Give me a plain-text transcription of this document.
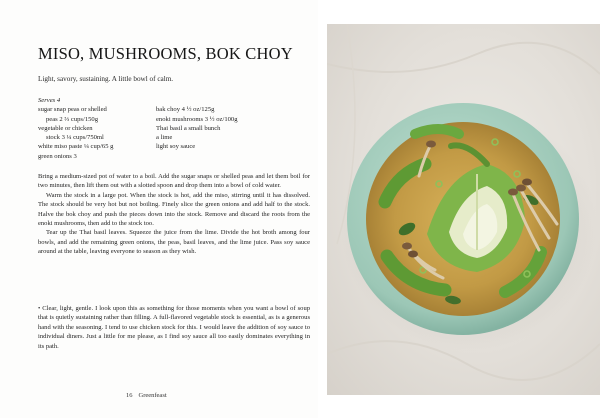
MISO, MUSHROOMS, BOK CHOY
Light, savory, sustaining. A little bowl of calm.
Serves 4
sugar snap peas or shelled
peas 2 ⅔ cups/150g
vegetable or chicken
stock 3 ¼ cups/750ml
white miso paste ¼ cup/65 g
green onions 3
bak choy 4 ½ oz/125g
enoki mushrooms 3 ½ oz/100g
Thai basil a small bunch
a lime
light soy sauce

Bring a medium-sized pot of water to a boil. Add the sugar snaps or shelled peas and let them boil for two minutes, then lift them out with a slotted spoon and drop them into a bowl of cold water.

Warm the stock in a large pot. When the stock is hot, add the miso, stirring until it has dissolved. The stock should be very hot but not boiling. Finely slice the green onions and add half to the stock. Halve the bok choy and push the pieces down into the stock. Remove and discard the roots from the enoki mushrooms, then add to the stock too.

Tear up the Thai basil leaves. Squeeze the juice from the lime. Divide the hot broth among four bowls, and add the remaining green onions, the peas, basil leaves, and the lime juice. Pass soy sauce around at the table, leaving everyone to season as they wish.

• Clear, light, gentle. I look upon this as something for those moments when you want a bowl of soup that is quietly sustaining rather than filling. A full-flavored vegetable stock is essential, as is a generous hand with the seasoning. I tend to use chicken stock for this. I would leave the addition of soy sauce to individual diners. Just a little for me please, as I find soy sauce all too easily dominates everything in its path.

16 Greenfeast
